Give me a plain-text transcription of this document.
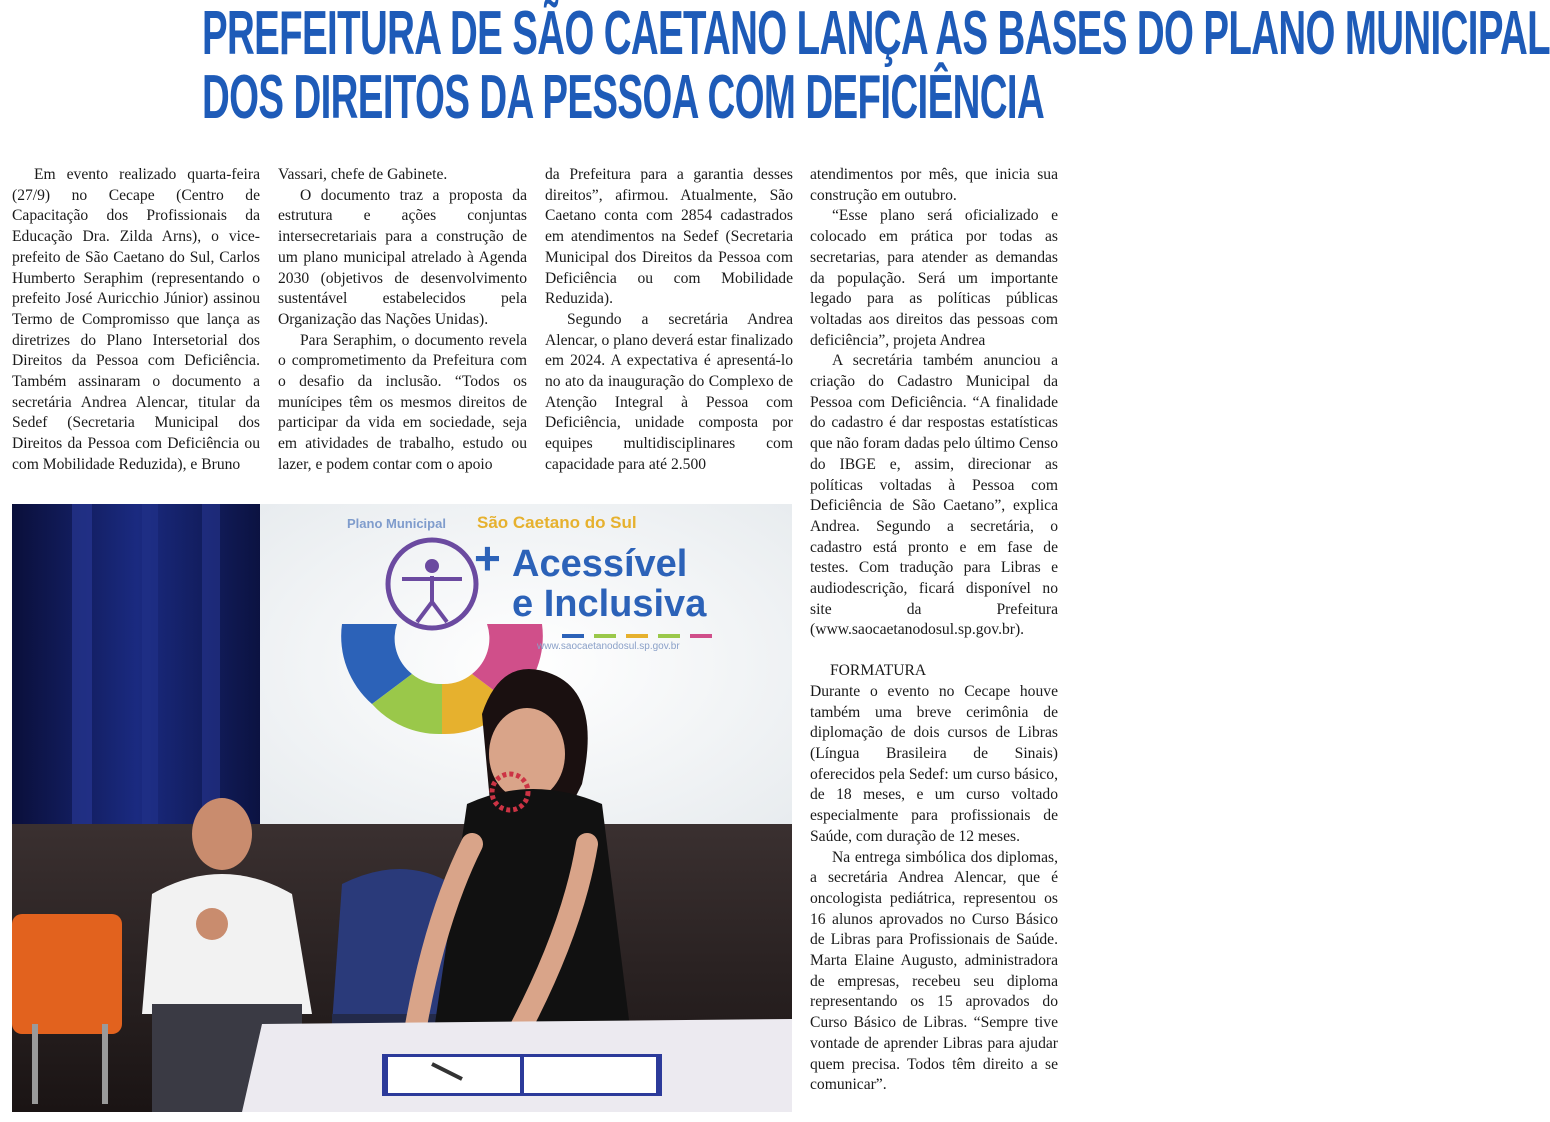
PREFEITURA DE SÃO CAETANO LANÇA AS BASES DO PLANO MUNICIPAL
DOS DIREITOS DA PESSOA COM DEFICIÊNCIA

Em evento realizado quarta-feira (27/9) no Cecape (Centro de Capacitação dos Profissionais da Educação Dra. Zilda Arns), o vice-prefeito de São Caetano do Sul, Carlos Humberto Seraphim (representando o prefeito José Auricchio Júnior) assinou Termo de Compromisso que lança as diretrizes do Plano Intersetorial dos Direitos da Pessoa com Deficiência. Também assinaram o documento a secretária Andrea Alencar, titular da Sedef (Secretaria Municipal dos Direitos da Pessoa com Deficiência ou com Mobilidade Reduzida), e Bruno

Vassari, chefe de Gabinete.

O documento traz a proposta da estrutura e ações conjuntas intersecretariais para a construção de um plano municipal atrelado à Agenda 2030 (objetivos de desenvolvimento sustentável estabelecidos pela Organização das Nações Unidas).

Para Seraphim, o documento revela o comprometimento da Prefeitura com o desafio da inclusão. “Todos os munícipes têm os mesmos direitos de participar da vida em sociedade, seja em atividades de trabalho, estudo ou lazer, e podem contar com o apoio

da Prefeitura para a garantia desses direitos”, afirmou. Atualmente, São Caetano conta com 2854 cadastrados em atendimentos na Sedef (Secretaria Municipal dos Direitos da Pessoa com Deficiência ou com Mobilidade Reduzida).

Segundo a secretária Andrea Alencar, o plano deverá estar finalizado em 2024. A expectativa é apresentá-lo no ato da inauguração do Complexo de Atenção Integral à Pessoa com Deficiência, unidade composta por equipes multidisciplinares com capacidade para até 2.500

atendimentos por mês, que inicia sua construção em outubro.

“Esse plano será oficializado e colocado em prática por todas as secretarias, para atender as demandas da população. Será um importante legado para as políticas públicas voltadas aos direitos das pessoas com deficiência”, projeta Andrea

A secretária também anunciou a criação do Cadastro Municipal da Pessoa com Deficiência. “A finalidade do cadastro é dar respostas estatísticas que não foram dadas pelo último Censo do IBGE e, assim, direcionar as políticas voltadas à Pessoa com Deficiência de São Caetano”, explica Andrea. Segundo a secretária, o cadastro está pronto e em fase de testes. Com tradução para Libras e audiodescrição, ficará disponível no site da Prefeitura (www.saocaetanodosul.sp.gov.br).

FORMATURA

Durante o evento no Cecape houve também uma breve cerimônia de diplomação de dois cursos de Libras (Língua Brasileira de Sinais) oferecidos pela Sedef: um curso básico, de 18 meses, e um curso voltado especialmente para profissionais de Saúde, com duração de 12 meses.

Na entrega simbólica dos diplomas, a secretária Andrea Alencar, que é oncologista pediátrica, representou os 16 alunos aprovados no Curso Básico de Libras para Profissionais de Saúde. Marta Elaine Augusto, administradora de empresas, recebeu seu diploma representando os 15 aprovados do Curso Básico de Libras. “Sempre tive vontade de aprender Libras para ajudar quem precisa. Todos têm direito a se comunicar”.

Plano Municipal São Caetano do Sul
+ Acessível
e Inclusiva
www.saocaetanodosul.sp.gov.br
